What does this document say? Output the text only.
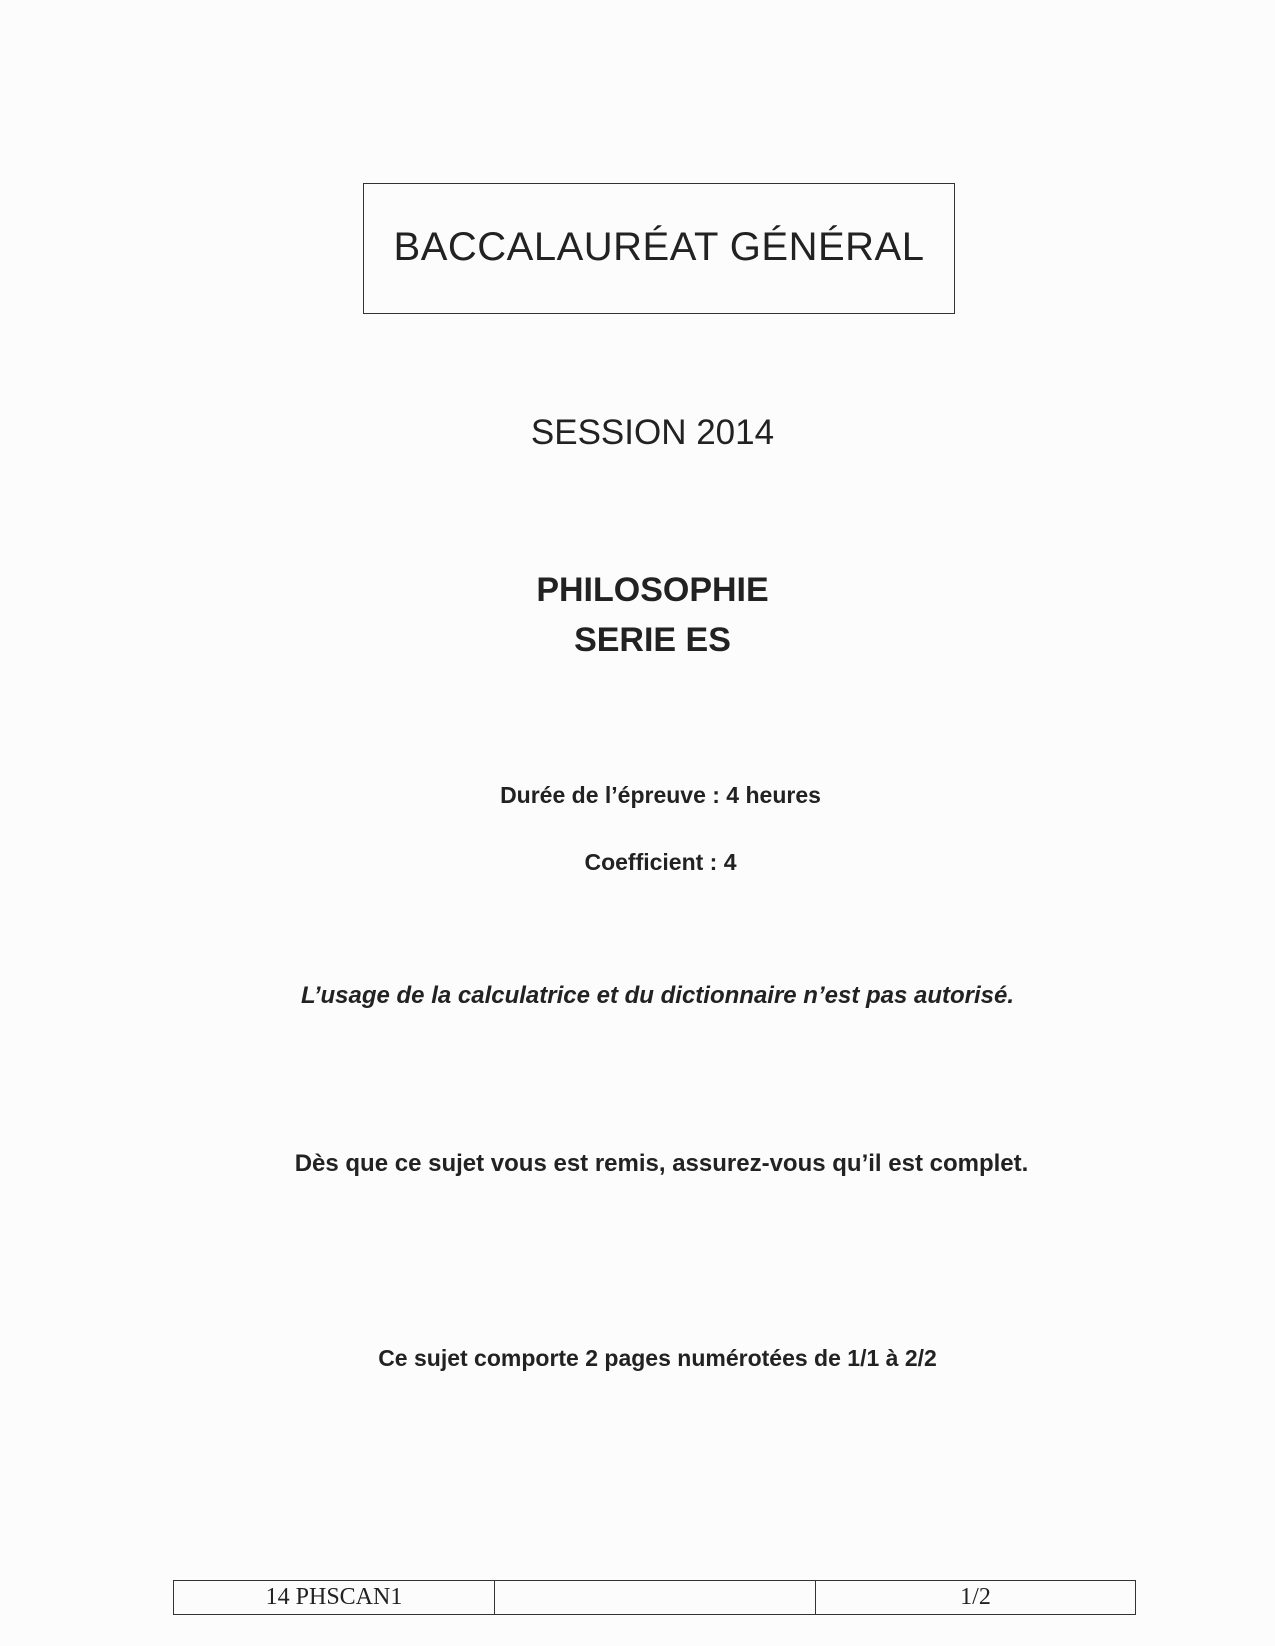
BACCALAURÉAT GÉNÉRAL
SESSION 2014
PHILOSOPHIE
SERIE ES
Durée de l’épreuve : 4 heures
Coefficient : 4
L’usage de la calculatrice et du dictionnaire n’est pas autorisé.
Dès que ce sujet vous est remis, assurez-vous qu’il est complet.
Ce sujet comporte 2 pages numérotées de 1/1 à 2/2
14 PHSCAN1	1/2
